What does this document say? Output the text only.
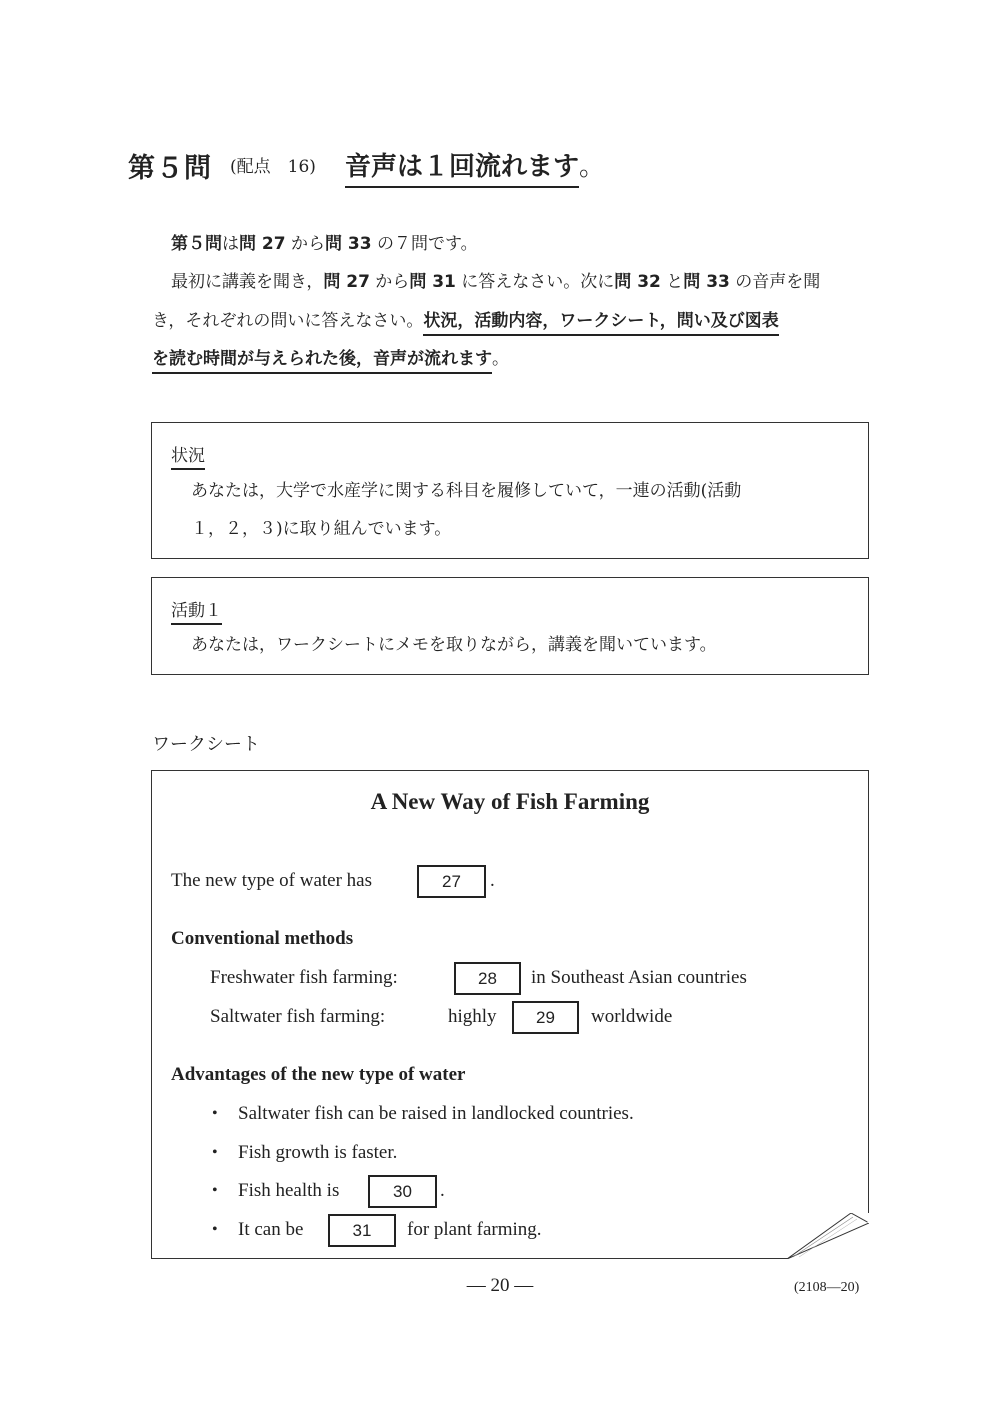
第５問 (配点　16) 音声は１回流れます。
第５問は問 27 から問 33 の７問です。
最初に講義を聞き，問 27 から問 31 に答えなさい。次に問 32 と問 33 の音声を聞
き，それぞれの問いに答えなさい。状況，活動内容，ワークシート，問い及び図表
を読む時間が与えられた後，音声が流れます。
状況
あなたは，大学で水産学に関する科目を履修していて，一連の活動(活動
１，２，３)に取り組んでいます。
活動１
あなたは，ワークシートにメモを取りながら，講義を聞いています。
ワークシート
A New Way of Fish Farming
The new type of water has	27	.
Conventional methods
Freshwater fish farming:	28	in Southeast Asian countries
Saltwater fish farming:	highly	29	worldwide
Advantages of the new type of water
• Saltwater fish can be raised in landlocked countries.
• Fish growth is faster.
• Fish health is	30	.
• It can be	31	for plant farming.
— 20 —	(2108—20)
